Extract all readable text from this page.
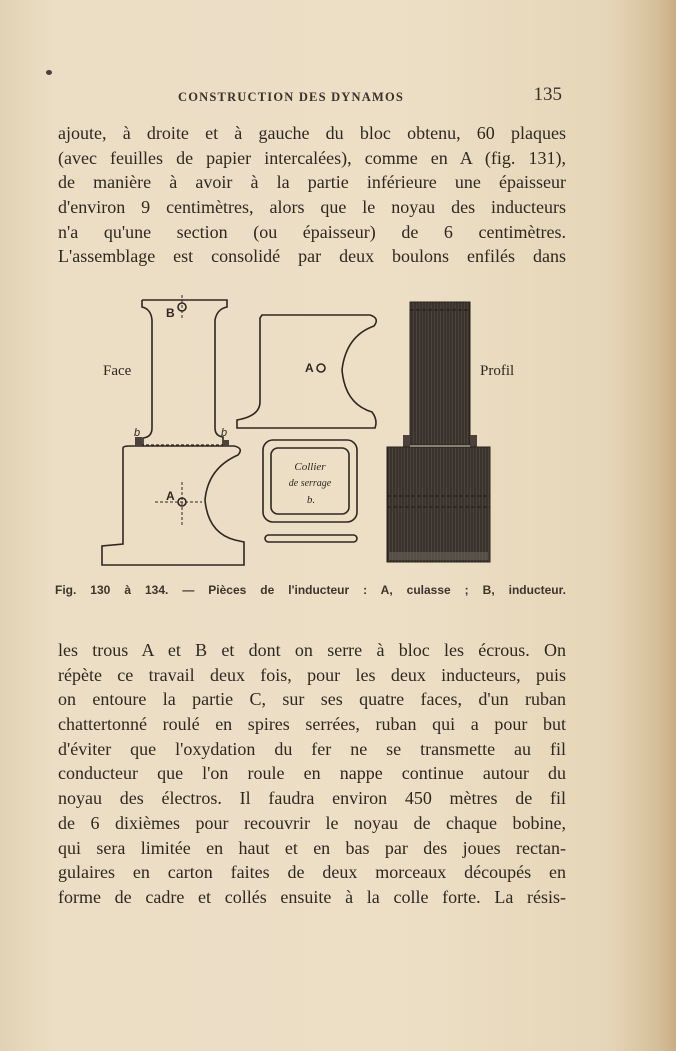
CONSTRUCTION DES DYNAMOS	135
ajoute, à droite et à gauche du bloc obtenu, 60 plaques
(avec feuilles de papier intercalées), comme en A (fig. 131),
de manière à avoir à la partie inférieure une épaisseur
d'environ 9 centimètres, alors que le noyau des inducteurs
n'a qu'une section (ou épaisseur) de 6 centimètres.
L'assemblage est consolidé par deux boulons enfilés dans
Face	Profil
B
A
A
b	b
Collier
de serrage
b.
Fig. 130 à 134. — Pièces de l'inducteur : A, culasse ; B, inducteur.
les trous A et B et dont on serre à bloc les écrous. On
répète ce travail deux fois, pour les deux inducteurs, puis
on entoure la partie C, sur ses quatre faces, d'un ruban
chattertonné roulé en spires serrées, ruban qui a pour but
d'éviter que l'oxydation du fer ne se transmette au fil
conducteur que l'on roule en nappe continue autour du
noyau des électros. Il faudra environ 450 mètres de fil
de 6 dixièmes pour recouvrir le noyau de chaque bobine,
qui sera limitée en haut et en bas par des joues rectan-
gulaires en carton faites de deux morceaux découpés en
forme de cadre et collés ensuite à la colle forte. La résis-
